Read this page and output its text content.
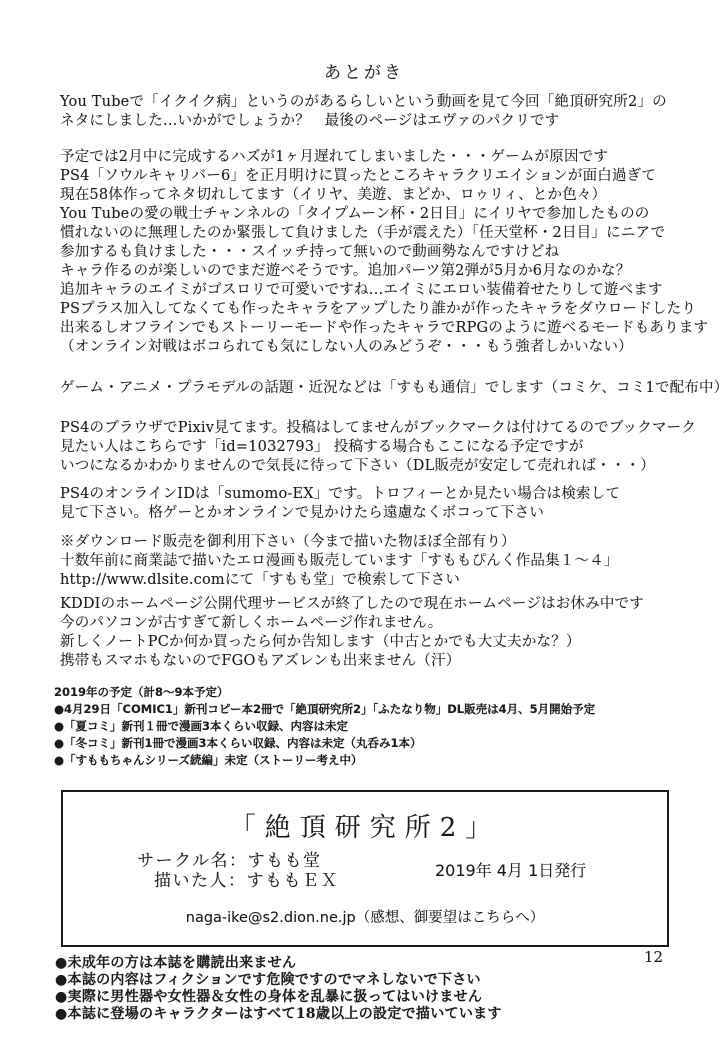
あとがき
You Tubeで「イクイク病」というのがあるらしいという動画を見て今回「絶頂研究所2」の
ネタにしました…いかがでしょうか？　最後のページはエヴァのパクリです
予定では2月中に完成するハズが1ヶ月遅れてしまいました・・・ゲームが原因です
PS4「ソウルキャリバー6」を正月明けに買ったところキャラクリエイションが面白過ぎて
現在58体作ってネタ切れしてます（イリヤ、美遊、まどか、ロゥリィ、とか色々）
You Tubeの愛の戦士チャンネルの「タイプムーン杯・2日目」にイリヤで参加したものの
慣れないのに無理したのか緊張して負けました（手が震えた）「任天堂杯・2日目」にニアで
参加するも負けました・・・スイッチ持って無いので動画勢なんですけどね
キャラ作るのが楽しいのでまだ遊べそうです。追加パーツ第2弾が5月か6月なのかな？
追加キャラのエイミがゴスロリで可愛いですね…エイミにエロい装備着せたりして遊べます
PSプラス加入してなくても作ったキャラをアップしたり誰かが作ったキャラをダウロードしたり
出来るしオフラインでもストーリーモードや作ったキャラでRPGのように遊べるモードもあります
（オンライン対戦はボコられても気にしない人のみどうぞ・・・もう強者しかいない）
ゲーム・アニメ・プラモデルの話題・近況などは「すもも通信」でします（コミケ、コミ1で配布中）
PS4のブラウザでPixiv見てます。投稿はしてませんがブックマークは付けてるのでブックマーク
見たい人はこちらです「id=1032793」 投稿する場合もここになる予定ですが
いつになるかわかりませんので気長に待って下さい（DL販売が安定して売れれば・・・）
PS4のオンラインIDは「sumomo-EX」です。トロフィーとか見たい場合は検索して
見て下さい。格ゲーとかオンラインで見かけたら遠慮なくボコって下さい
※ダウンロード販売を御利用下さい（今まで描いた物ほぼ全部有り）
十数年前に商業誌で描いたエロ漫画も販売しています「すももぴんく作品集１～４」
http://www.dlsite.comにて「すもも堂」で検索して下さい
KDDIのホームページ公開代理サービスが終了したので現在ホームページはお休み中です
今のパソコンが古すぎて新しくホームページ作れません。
新しくノートPCか何か買ったら何か告知します（中古とかでも大丈夫かな？）
携帯もスマホもないのでFGOもアズレンも出来ません（汗）
2019年の予定（計8～9本予定）
●4月29日「COMIC1」新刊コピー本2冊で「絶頂研究所2」「ふたなり物」DL販売は4月、5月開始予定
●「夏コミ」新刊１冊で漫画3本くらい収録、内容は未定
●「冬コミ」新刊1冊で漫画3本くらい収録、内容は未定（丸呑み1本）
●「すももちゃんシリーズ続編」未定（ストーリー考え中）
「絶頂研究所2」
サークル名：すもも堂
描いた人：すももＥＸ
2019年 4月 1日発行
naga-ike@s2.dion.ne.jp（感想、御要望はこちらへ）
●未成年の方は本誌を購読出来ません
●本誌の内容はフィクションです危険ですのでマネしないで下さい
●実際に男性器や女性器＆女性の身体を乱暴に扱ってはいけません
●本誌に登場のキャラクターはすべて18歳以上の設定で描いています
12
